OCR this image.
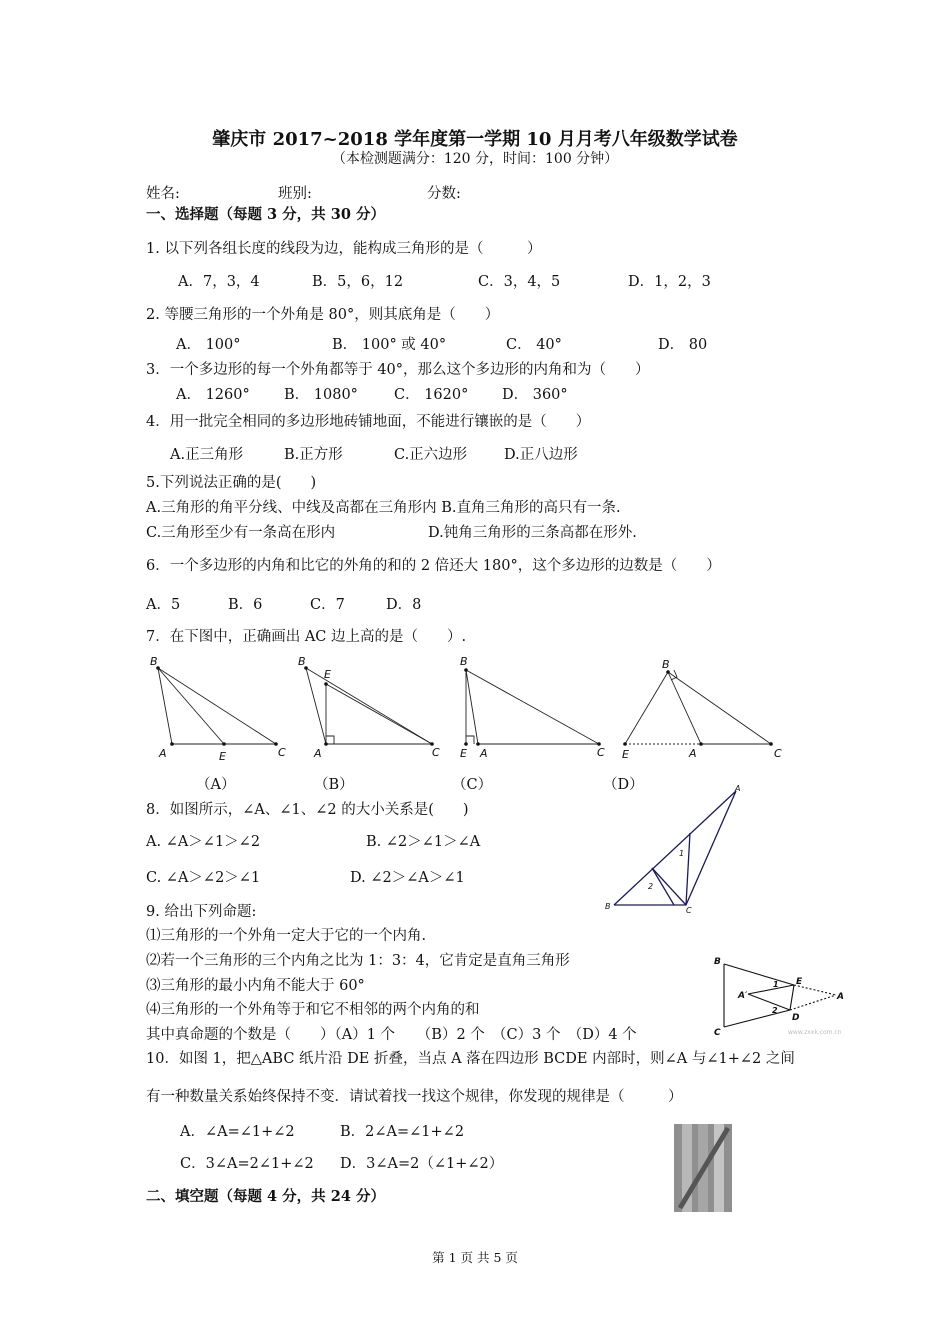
肇庆市 2017~2018 学年度第一学期 10 月月考八年级数学试卷
（本检测题满分：120 分，时间：100 分钟）
姓名:	班别:	分数:
一、选择题（每题 3 分，共 30 分）
1. 以下列各组长度的线段为边，能构成三角形的是（　　　）
A．7，3，4	B．5，6，12	C．3，4，5	D．1，2，3
2. 等腰三角形的一个外角是 80°，则其底角是（　　）
A． 100°	B． 100° 或 40°	C． 40°	D． 80
3．一个多边形的每一个外角都等于 40°，那么这个多边形的内角和为（　　）
A． 1260° B． 1080° C． 1620° D． 360°
4．用一批完全相同的多边形地砖铺地面，不能进行镶嵌的是（　　）
A.正三角形	B.正方形	C.正六边形	D.正八边形
5.下列说法正确的是(　　)
A.三角形的角平分线、中线及高都在三角形内 B.直角三角形的高只有一条.
C.三角形至少有一条高在形内	D.钝角三角形的三条高都在形外.
6．一个多边形的内角和比它的外角的和的 2 倍还大 180°，这个多边形的边数是（　　）
A．5	B．6	C．7	D．8
7．在下图中，正确画出 AC 边上高的是（　　）.
B
A	E	C
B
E
A	C
B
E A	C
B
E	A	C
（A）	（B）	（C）	（D）
8．如图所示，∠A、∠1、∠2 的大小关系是(　　)
A. ∠A＞∠1＞∠2	B. ∠2＞∠1＞∠A
C. ∠A＞∠2＞∠1	D. ∠2＞∠A＞∠1
A
B	C
1
2
9. 给出下列命题:
⑴三角形的一个外角一定大于它的一个内角.
⑵若一个三角形的三个内角之比为 1：3：4，它肯定是直角三角形
⑶三角形的最小内角不能大于 60°
⑷三角形的一个外角等于和它不相邻的两个内角的和
其中真命题的个数是（　　）（A）1 个　　（B）2 个　（C）3 个　（D）4 个
B
C
E
D
A
A′
1
2
www.zxxk.com.cn
10．如图 1，把△ABC 纸片沿 DE 折叠，当点 A 落在四边形 BCDE 内部时，则∠A 与∠1+∠2 之间
有一种数量关系始终保持不变．请试着找一找这个规律，你发现的规律是（　　　）
A．∠A=∠1+∠2	B．2∠A=∠1+∠2
C．3∠A=2∠1+∠2 D．3∠A=2（∠1+∠2）
二、填空题（每题 4 分，共 24 分）
第 1 页 共 5 页
